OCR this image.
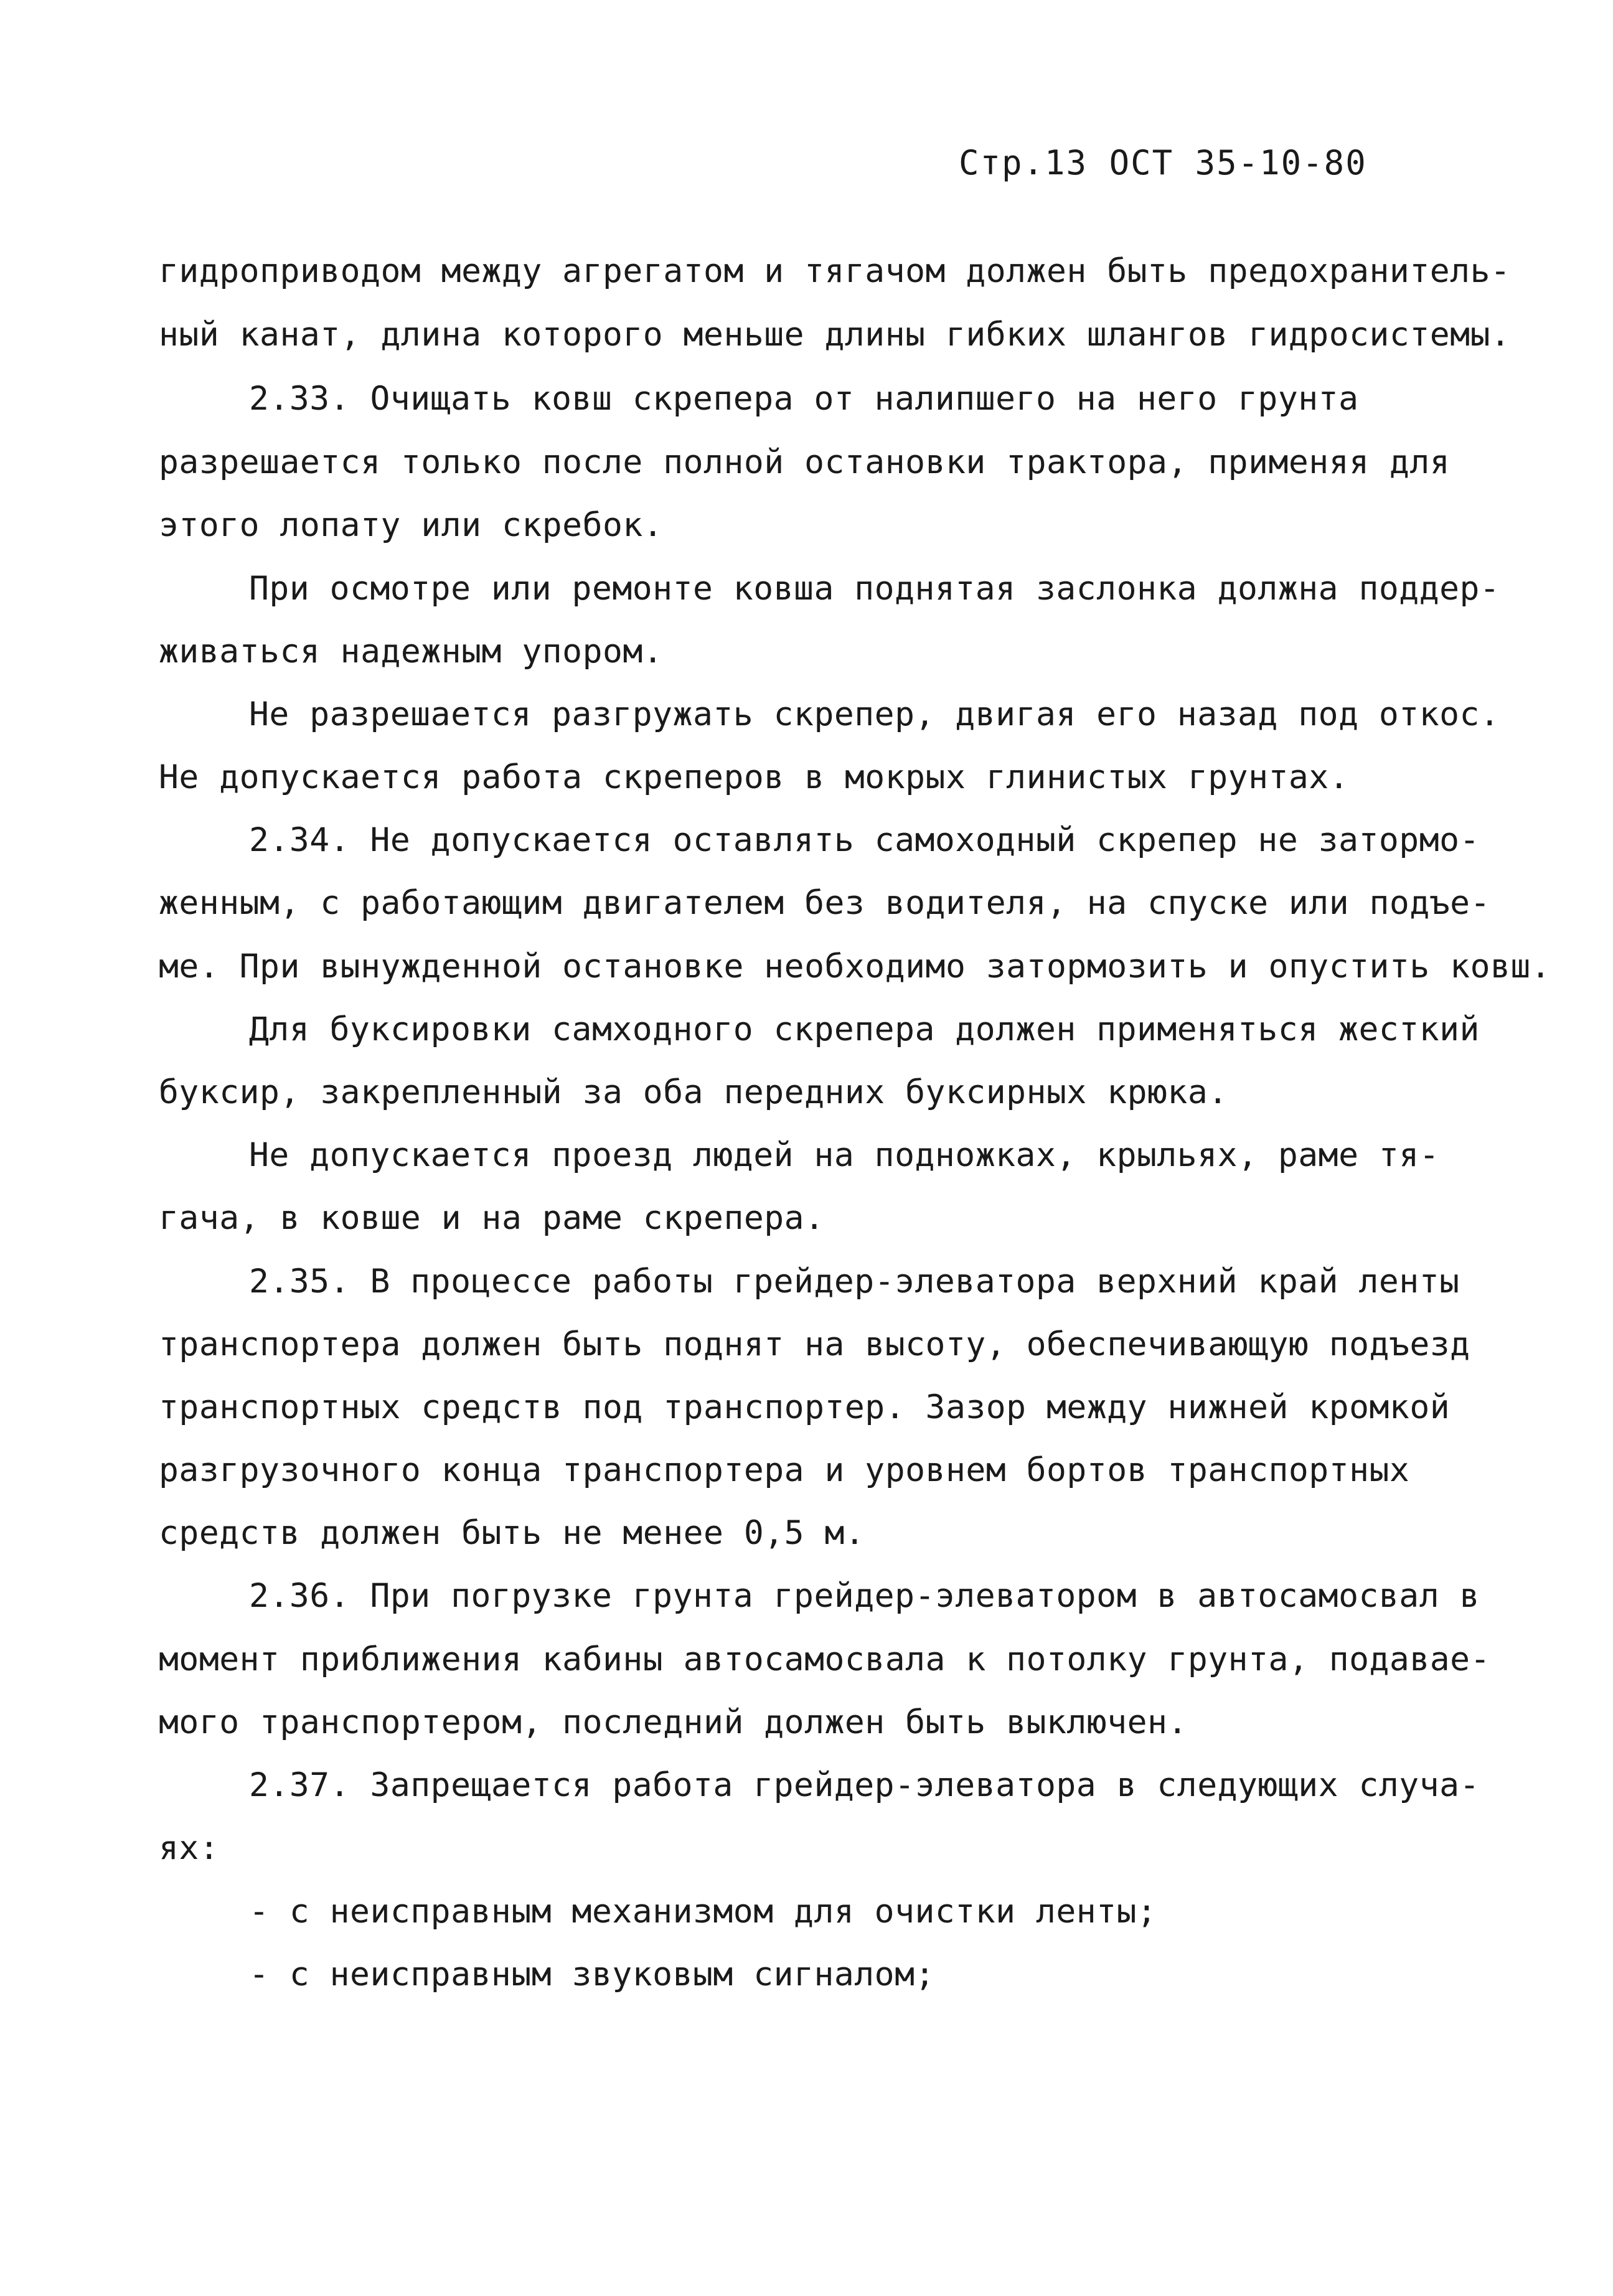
Стр.13 ОСТ 35-10-80
гидроприводом между агрегатом и тягачом должен быть предохранитель-
ный канат, длина которого меньше длины гибких шлангов гидросистемы.
2.33. Очищать ковш скрепера от налипшего на него грунта
разрешается только после полной остановки трактора, применяя для
этого лопату или скребок.
При осмотре или ремонте ковша поднятая заслонка должна поддер-
живаться надежным упором.
Не разрешается разгружать скрепер, двигая его назад под откос.
Не допускается работа скреперов в мокрых глинистых грунтах.
2.34. Не допускается оставлять самоходный скрепер не затормо-
женным, с работающим двигателем без водителя, на спуске или подъе-
ме. При вынужденной остановке необходимо затормозить и опустить ковш.
Для буксировки самходного скрепера должен применяться жесткий
буксир, закрепленный за оба передних буксирных крюка.
Не допускается проезд людей на подножках, крыльях, раме тя-
гача, в ковше и на раме скрепера.
2.35. В процессе работы грейдер-элеватора верхний край ленты
транспортера должен быть поднят на высоту, обеспечивающую подъезд
транспортных средств под транспортер. Зазор между нижней кромкой
разгрузочного конца транспортера и уровнем бортов транспортных
средств должен быть не менее 0,5 м.
2.36. При погрузке грунта грейдер-элеватором в автосамосвал в
момент приближения кабины автосамосвала к потолку грунта, подавае-
мого транспортером, последний должен быть выключен.
2.37. Запрещается работа грейдер-элеватора в следующих случа-
ях:
- с неисправным механизмом для очистки ленты;
- с неисправным звуковым сигналом;
